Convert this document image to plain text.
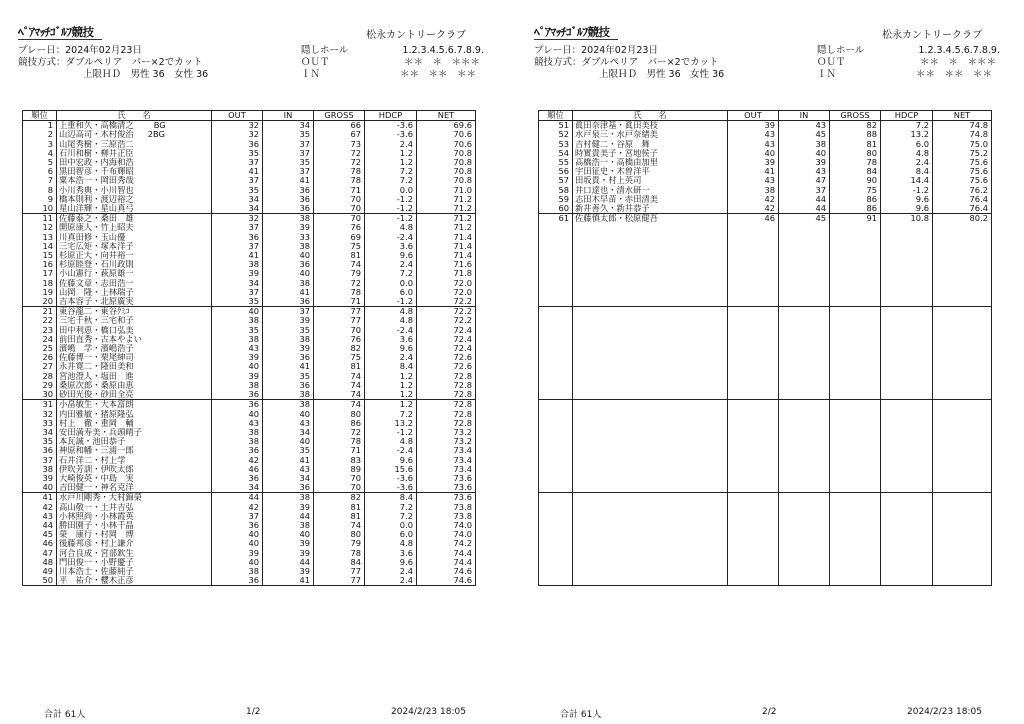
ﾍﾟｱﾏｯﾁｺﾞﾙﾌ競技	松永カントリークラブ
プレー日：2024年02月23日
競技方式：ダブルペリア　パー×2でカット
上限ＨＤ　男性 36　女性 36
隠しホール
ＯＵＴ
ＩＮ
1.2.3.4.5.6.7.8.9.
＊＊　＊　＊＊＊
＊＊　＊＊　＊＊
順位	氏　　名	OUT	IN	GROSS	HDCP	NET
1	上重和久・高橋清之 BG	32	34	66	-3.6	69.6
2	山辺高司・木村俊治 2BG	32	35	67	-3.6	70.6
3	山尾秀樹・三原浩二	36	37	73	2.4	70.6
4	石川和樹・柳井正臣	35	37	72	1.2	70.8
5	田中宏政・内海和浩	37	35	72	1.2	70.8
6	黒田智彦・千布輝昭	41	37	78	7.2	70.8
7	粟本浩一・岡田秀哉	37	41	78	7.2	70.8
8	小川秀典・小川智也	35	36	71	0.0	71.0
9	橋本則利・渡辺裕之	34	36	70	-1.2	71.2
10	星山洋輝・星山真弓	34	36	70	-1.2	71.2
11	佐藤泰之・桑田　雄	32	38	70	-1.2	71.2
12	開原康人・竹上昭夫	37	39	76	4.8	71.2
13	川真田修・玉山優	36	33	69	-2.4	71.4
14	三宅広矩・塚本洋子	37	38	75	3.6	71.4
15	杉原正大・向井裕一	41	40	81	9.6	71.4
16	杉原睦登・石川政則	38	36	74	2.4	71.6
17	小山憲行・萩原雄一	39	40	79	7.2	71.8
18	佐藤文章・志田浩一	34	38	72	0.0	72.0
19	山岡　隆・上林瑞子	37	41	78	6.0	72.0
20	吉本容子・北原廣実	35	36	71	-1.2	72.2
21	東谷龍二・東谷ｸﾐｺ	40	37	77	4.8	72.2
22	三宅千秋・三宅和子	38	39	77	4.8	72.2
23	田中利恵・橋口弘美	35	35	70	-2.4	72.4
24	前田直秀・古本やよい	38	38	76	3.6	72.4
25	濱嶋　学・濱嶋浩子	43	39	82	9.6	72.4
26	佐藤博一・栗尾紳司	39	36	75	2.4	72.6
27	永井寛二・隆田美和	40	41	81	8.4	72.6
28	宮池澄人・塩田　進	39	35	74	1.2	72.8
29	桑原次郎・桑原由恵	38	36	74	1.2	72.8
30	砂田光俊・砂田全亮	36	38	74	1.2	72.8
31	小畠敏生・大本富朗	36	38	74	1.2	72.8
32	内田雅敏・猪原隆弘	40	40	80	7.2	72.8
33	村上　徹・重岡　輔	43	43	86	13.2	72.8
34	安田満寿美・兵頭晴子	38	34	72	-1.2	73.2
35	本瓦誠・池田恭子	38	40	78	4.8	73.2
36	神原和幡・三浦一郎	36	35	71	-2.4	73.4
37	石井洋二・村上学	42	41	83	9.6	73.4
38	伊吹芳訓・伊吹太郎	46	43	89	15.6	73.4
39	大崎俊英・中島　実	36	34	70	-3.6	73.6
40	吉田健一・神名克洋	34	36	70	-3.6	73.6
41	水戸川剛秀・大村錦榮	44	38	82	8.4	73.6
42	高山敬一・土井吉弘	42	39	81	7.2	73.8
43	小林照尚・小林霞英	37	44	81	7.2	73.8
44	勝田園子・小林千晶	36	38	74	0.0	74.0
45	榮　康行・村岡　博	40	40	80	6.0	74.0
46	後藤邦彦・村上謙介	40	39	79	4.8	74.2
47	河合良成・宮部欽生	39	39	78	3.6	74.4
48	門田俊一・小野慶子	40	44	84	9.6	74.4
49	川本浩士・佐藤純子	38	39	77	2.4	74.6
50	平　祐介・櫻木正彦	36	41	77	2.4	74.6
合計 61人	1/2	2024/2/23 18:05
ﾍﾟｱﾏｯﾁｺﾞﾙﾌ競技	松永カントリークラブ
プレー日：2024年02月23日
競技方式：ダブルペリア　パー×2でカット
上限ＨＤ　男性 36　女性 36
隠しホール
ＯＵＴ
ＩＮ
1.2.3.4.5.6.7.8.9.
＊＊　＊　＊＊＊
＊＊　＊＊　＊＊
順位	氏　　名	OUT	IN	GROSS	HDCP	NET
51	眞田奈津基・眞田美枝	39	43	82	7.2	74.8
52	水戸泉三・水戸奈緒美	43	45	88	13.2	74.8
53	吉村健二・谷原　舞	43	38	81	6.0	75.0
54	時實貴美子・宮地侯子	40	40	80	4.8	75.2
55	高橋浩一・高橋由加里	39	39	78	2.4	75.6
56	宇田征史・木曽洋平	41	43	84	8.4	75.6
57	田坂貴・村上英司	43	47	90	14.4	75.6
58	井口達也・清水研一	38	37	75	-1.2	76.2
59	志田木早苗・赤田清美	42	44	86	9.6	76.4
60	新井善久・新井恭子	42	44	86	9.6	76.4
61	佐藤慎太郎・松原健吾	46	45	91	10.8	80.2

合計 61人	2/2	2024/2/23 18:05
